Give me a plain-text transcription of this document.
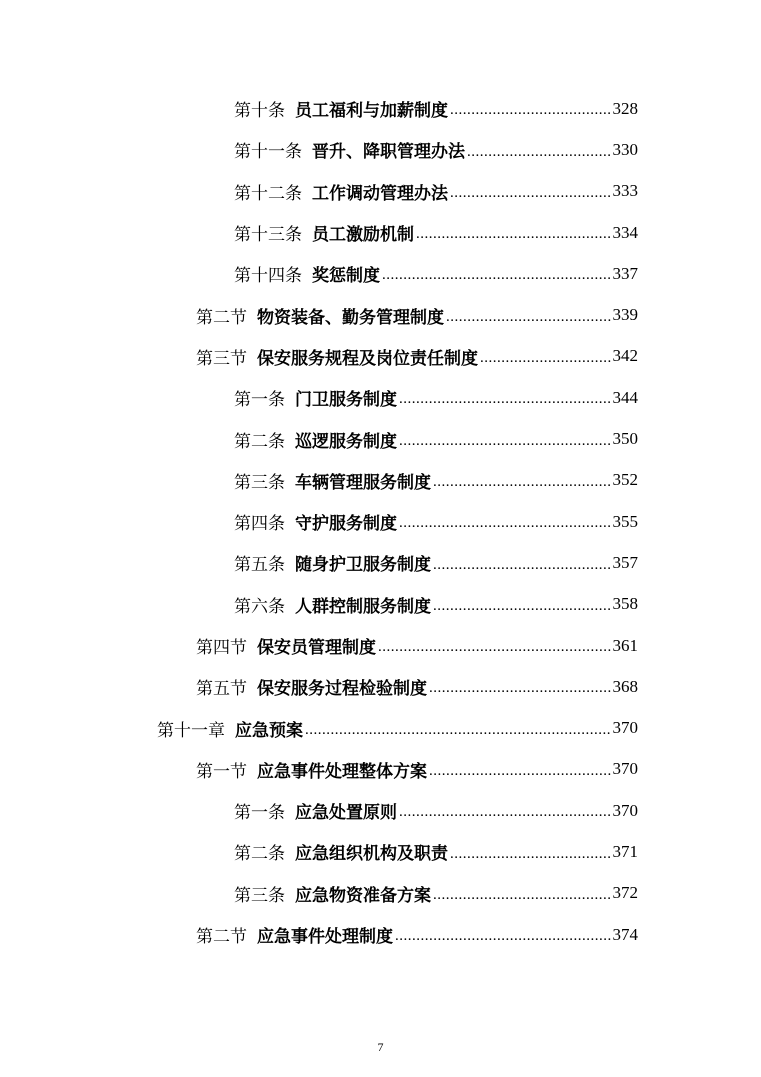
第十条 员工福利与加薪制度 .....	328
第十一条 晋升、降职管理办法 .....	330
第十二条 工作调动管理办法 .....	333
第十三条 员工激励机制 .....	334
第十四条 奖惩制度 .....	337
第二节 物资装备、勤务管理制度 .....	339
第三节 保安服务规程及岗位责任制度 .....	342
第一条 门卫服务制度 .....	344
第二条 巡逻服务制度 .....	350
第三条 车辆管理服务制度 .....	352
第四条 守护服务制度 .....	355
第五条 随身护卫服务制度 .....	357
第六条 人群控制服务制度 .....	358
第四节 保安员管理制度 .....	361
第五节 保安服务过程检验制度 .....	368
第十一章 应急预案 .....	370
第一节 应急事件处理整体方案 .....	370
第一条 应急处置原则 .....	370
第二条 应急组织机构及职责 .....	371
第三条 应急物资准备方案 .....	372
第二节 应急事件处理制度 .....	374
7
